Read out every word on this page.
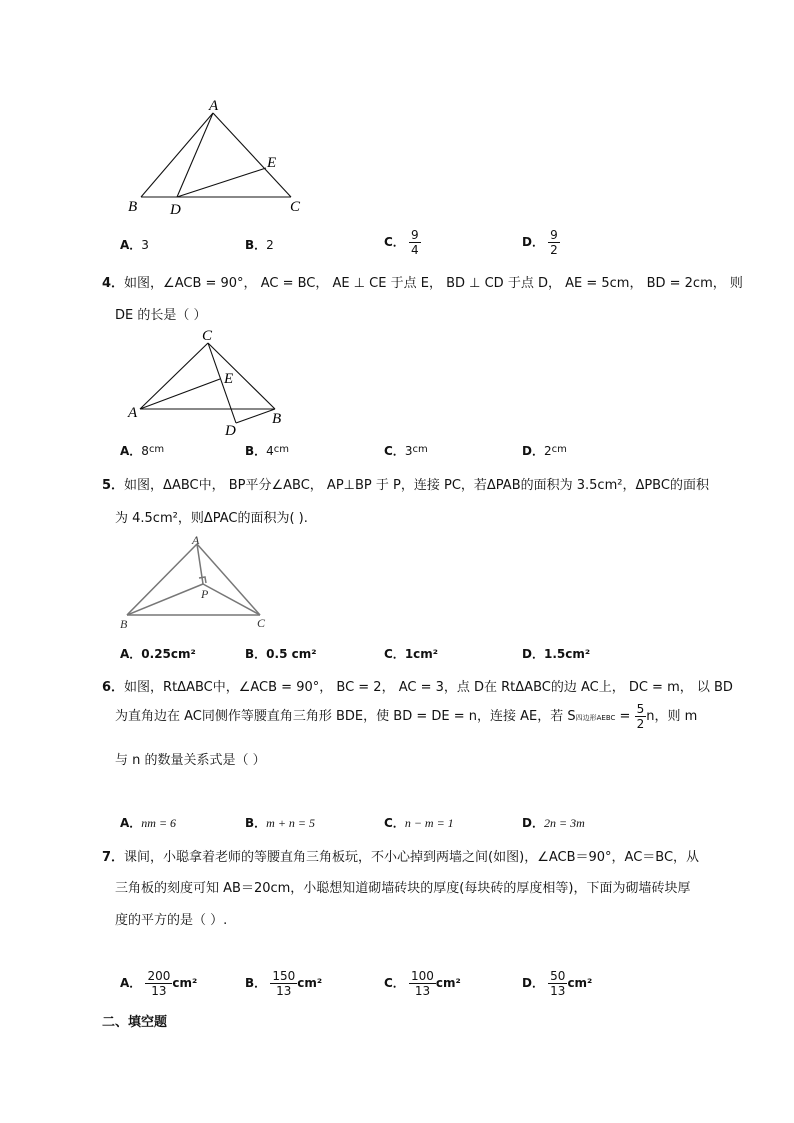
A
B D	C
E
A．3	B．2	C． $\frac{9}{4}$	D． $\frac{9}{2}$
4．如图，∠ACB = 90°， AC = BC， AE ⊥ CE 于点 E， BD ⊥ CD 于点 D， AE = 5cm， BD = 2cm， 则
DE 的长是（ ）
C
A	B
E
D
A．$8^{cm}$	B．$4^{cm}$	C．$3^{cm}$	D．$2^{cm}$
5．如图，ΔABC中， BP平分∠ABC， AP⊥BP 于 P，连接 PC，若ΔPAB的面积为 3.5cm²，ΔPBC的面积
为 4.5cm²，则ΔPAC的面积为( ).
A
B	C
P
A．0.25cm²	B．0.5 cm²	C．1cm²	D．1.5cm²
6．如图，RtΔABC中，∠ACB = 90°， BC = 2， AC = 3，点 D在 RtΔABC的边 AC上， DC = m， 以 BD
为直角边在 AC同侧作等腰直角三角形 BDE，使 BD = DE = n，连接 AE，若 S四边形AEBC = $\frac{5}{2}$ n，则 m
与 n 的数量关系式是（ ）
A．nm = 6	B．m + n = 5	C．n − m = 1	D．2n = 3m
7．课间，小聪拿着老师的等腰直角三角板玩，不小心掉到两墙之间(如图)，∠ACB＝90°，AC＝BC，从
三角板的刻度可知 AB＝20cm，小聪想知道砌墙砖块的厚度(每块砖的厚度相等)，下面为砌墙砖块厚
度的平方的是（ ）.
A． $\frac{200}{13} cm^2$	B． $\frac{150}{13} cm^2$	C． $\frac{100}{13} cm^2$	D． $\frac{50}{13} cm^2$
二、填空题
